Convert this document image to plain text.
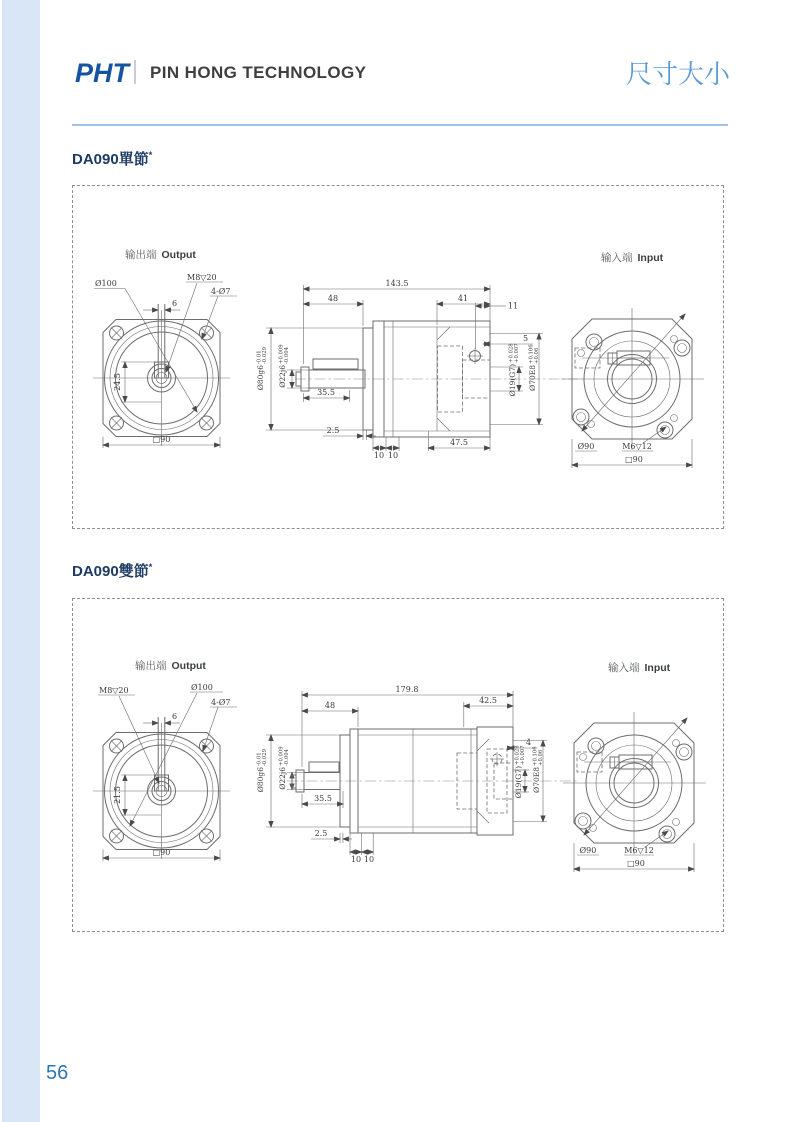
PHT PIN HONG TECHNOLOGY	尺寸大小
DA090單節*
输出端 Output
6
Ø100
M8▽20
4-Ø7
24.5
□90
Ø80g6
-0.01 -0.029
Ø22j6
+0.009 -0.004
143.5
48	41
11
5
35.5
2.5
10 10
47.5
Ø19(G7)
+0.028 +0.007
Ø70E8
+0.106 +0.06
输入端 Input
Ø90	M6▽12
□90
DA090雙節*
输出端 Output
6
M8▽20	Ø100
4-Ø7
21.5
□90
Ø80g6
-0.01 -0.029
Ø22j6
+0.009 -0.004
179.8
48
42.5
4
35.5
2.5
10 10
Ø19(G7)
+0.028 +0.007
Ø70E8
+0.106 +0.06
输入端 Input
Ø90	M6▽12
□90
56
